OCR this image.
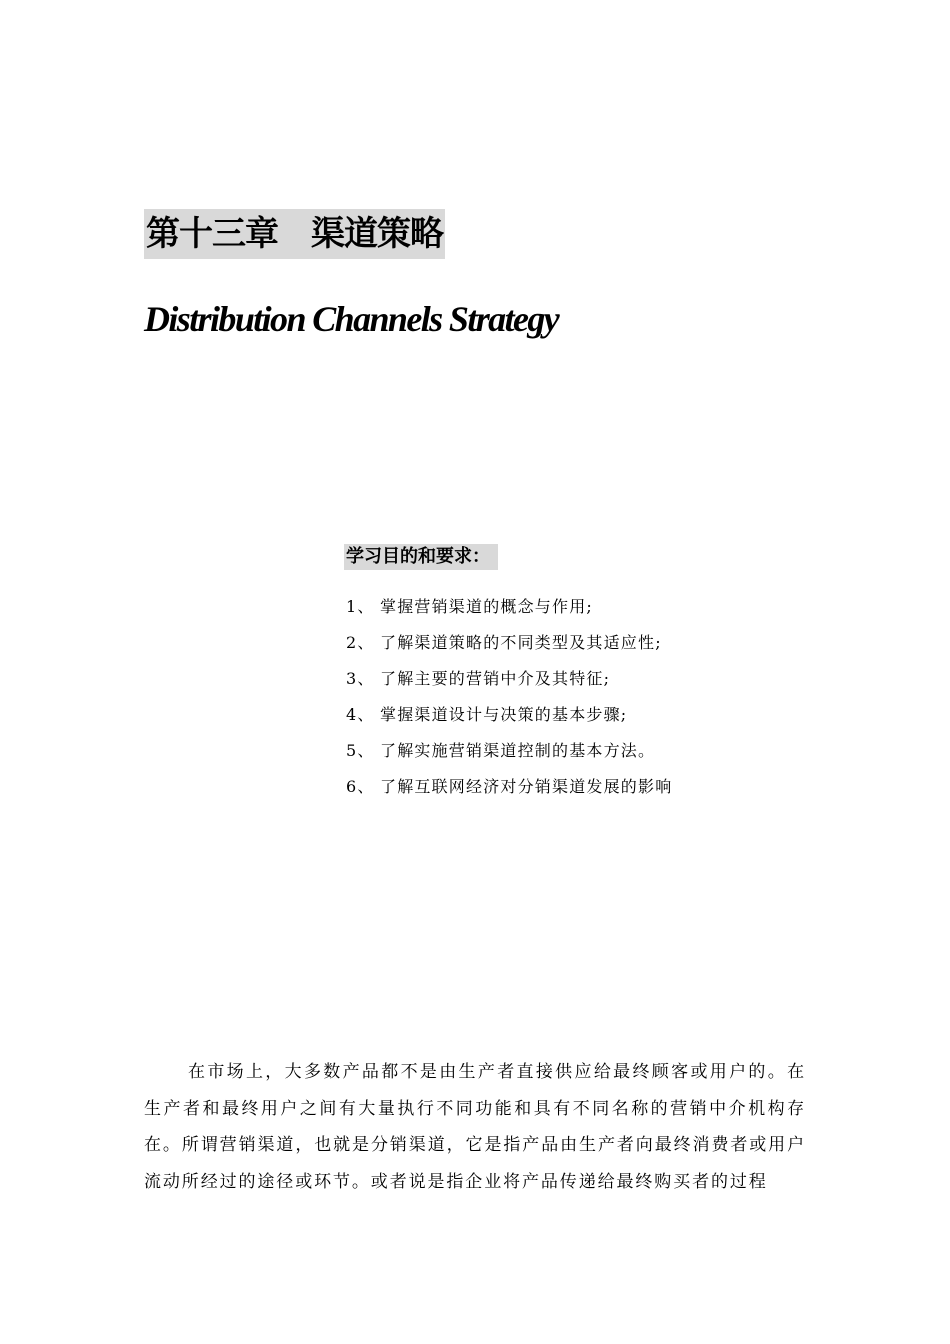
第十三章　渠道策略
Distribution Channels Strategy
学习目的和要求：
1、 掌握营销渠道的概念与作用;
2、 了解渠道策略的不同类型及其适应性;
3、 了解主要的营销中介及其特征;
4、 掌握渠道设计与决策的基本步骤;
5、 了解实施营销渠道控制的基本方法。
6、 了解互联网经济对分销渠道发展的影响

在市场上，大多数产品都不是由生产者直接供应给最终顾客或用户的。在生产者和最终用户之间有大量执行不同功能和具有不同名称的营销中介机构存在。所谓营销渠道，也就是分销渠道，它是指产品由生产者向最终消费者或用户流动所经过的途径或环节。或者说是指企业将产品传递给最终购买者的过程
